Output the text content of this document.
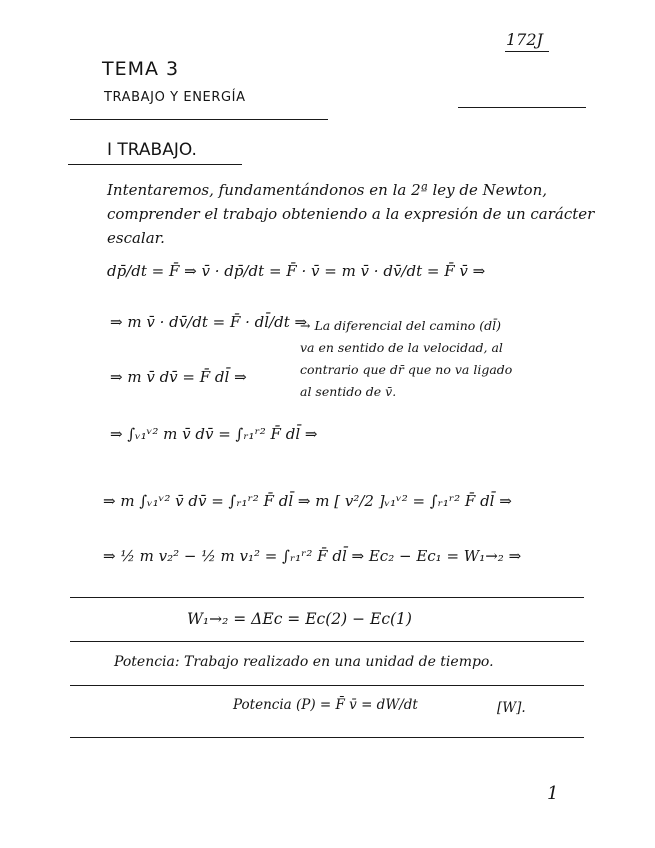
172J
TEMA 3
TRABAJO Y ENERGÍA
I TRABAJO.
Intentaremos, fundamentándonos en la 2ª ley de Newton,
comprender el trabajo obteniendo a la expresión de un carácter
escalar.
dp̄/dt = F̄ ⇒ v̄ · dp̄/dt = F̄ · v̄ = m v̄ · dv̄/dt = F̄ v̄ ⇒
⇒ m v̄ · dv̄/dt = F̄ · dl̄/dt ⇒
→ La diferencial del camino (dl̄)
va en sentido de la velocidad, al
contrario que dr̄ que no va ligado
al sentido de v̄.
⇒ m v̄ dv̄ = F̄ dl̄ ⇒
⇒ ∫ᵥ₁ᵛ² m v̄ dv̄ = ∫ᵣ₁ʳ² F̄ dl̄ ⇒
⇒ m ∫ᵥ₁ᵛ² v̄ dv̄ = ∫ᵣ₁ʳ² F̄ dl̄ ⇒ m [ v²/2 ]ᵥ₁ᵛ² = ∫ᵣ₁ʳ² F̄ dl̄ ⇒
⇒ ½ m v₂² − ½ m v₁² = ∫ᵣ₁ʳ² F̄ dl̄ ⇒ Ec₂ − Ec₁ = W₁→₂ ⇒
W₁→₂ = ΔEc = Ec(2) − Ec(1)
Potencia: Trabajo realizado en una unidad de tiempo.
Potencia (P) = F̄ v̄ = dW/dt	[W].
1
